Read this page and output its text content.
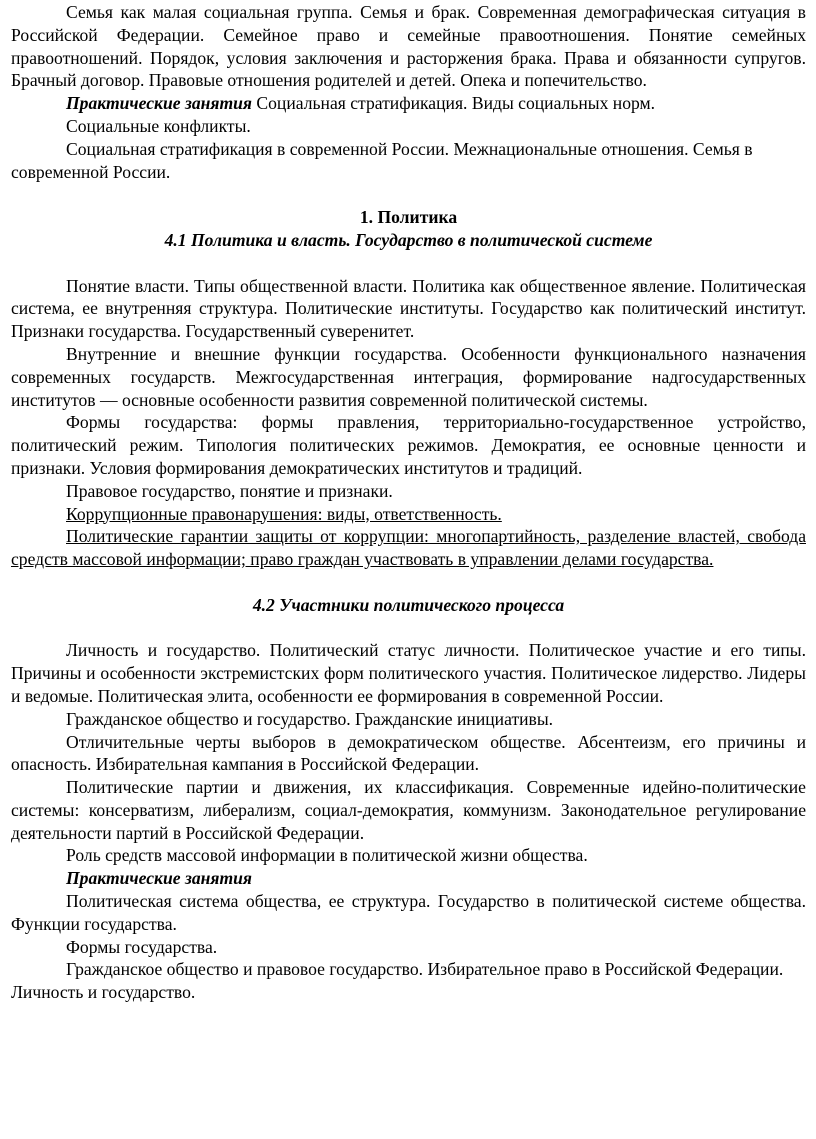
Семья как малая социальная группа. Семья и брак. Современная демографическая ситуация в Российской Федерации. Семейное право и семейные правоотношения. Понятие семейных правоотношений. Порядок, условия заключения и расторжения брака. Права и обязанности супругов. Брачный договор. Правовые отношения родителей и детей. Опека и попечительство.

Практические занятия Социальная стратификация. Виды социальных норм.

Социальные конфликты.

Социальная стратификация в современной России. Межнациональные отношения. Семья в современной России.

1. Политика

4.1 Политика и власть. Государство в политической системе

Понятие власти. Типы общественной власти. Политика как общественное явление. Политическая система, ее внутренняя структура. Политические институты. Государство как политический институт. Признаки государства. Государственный суверенитет.

Внутренние и внешние функции государства. Особенности функционального назначения современных государств. Межгосударственная интеграция, формирование надгосударственных институтов — основные особенности развития современной политической системы.

Формы государства: формы правления, территориально-государственное устройство, политический режим. Типология политических режимов. Демократия, ее основные ценности и признаки. Условия формирования демократических институтов и традиций.

Правовое государство, понятие и признаки.

Коррупционные правонарушения: виды, ответственность.

Политические гарантии защиты от коррупции: многопартийность, разделение властей, свобода средств массовой информации; право граждан участвовать в управлении делами государства.

4.2 Участники политического процесса

Личность и государство. Политический статус личности. Политическое участие и его типы. Причины и особенности экстремистских форм политического участия. Политическое лидерство. Лидеры и ведомые. Политическая элита, особенности ее формирования в современной России.

Гражданское общество и государство. Гражданские инициативы.

Отличительные черты выборов в демократическом обществе. Абсентеизм, его причины и опасность. Избирательная кампания в Российской Федерации.

Политические партии и движения, их классификация. Современные идейно-политические системы: консерватизм, либерализм, социал-демократия, коммунизм. Законодательное регулирование деятельности партий в Российской Федерации.

Роль средств массовой информации в политической жизни общества.

Практические занятия

Политическая система общества, ее структура. Государство в политической системе общества. Функции государства.

Формы государства.

Гражданское общество и правовое государство. Избирательное право в Российской Федерации. Личность и государство.
